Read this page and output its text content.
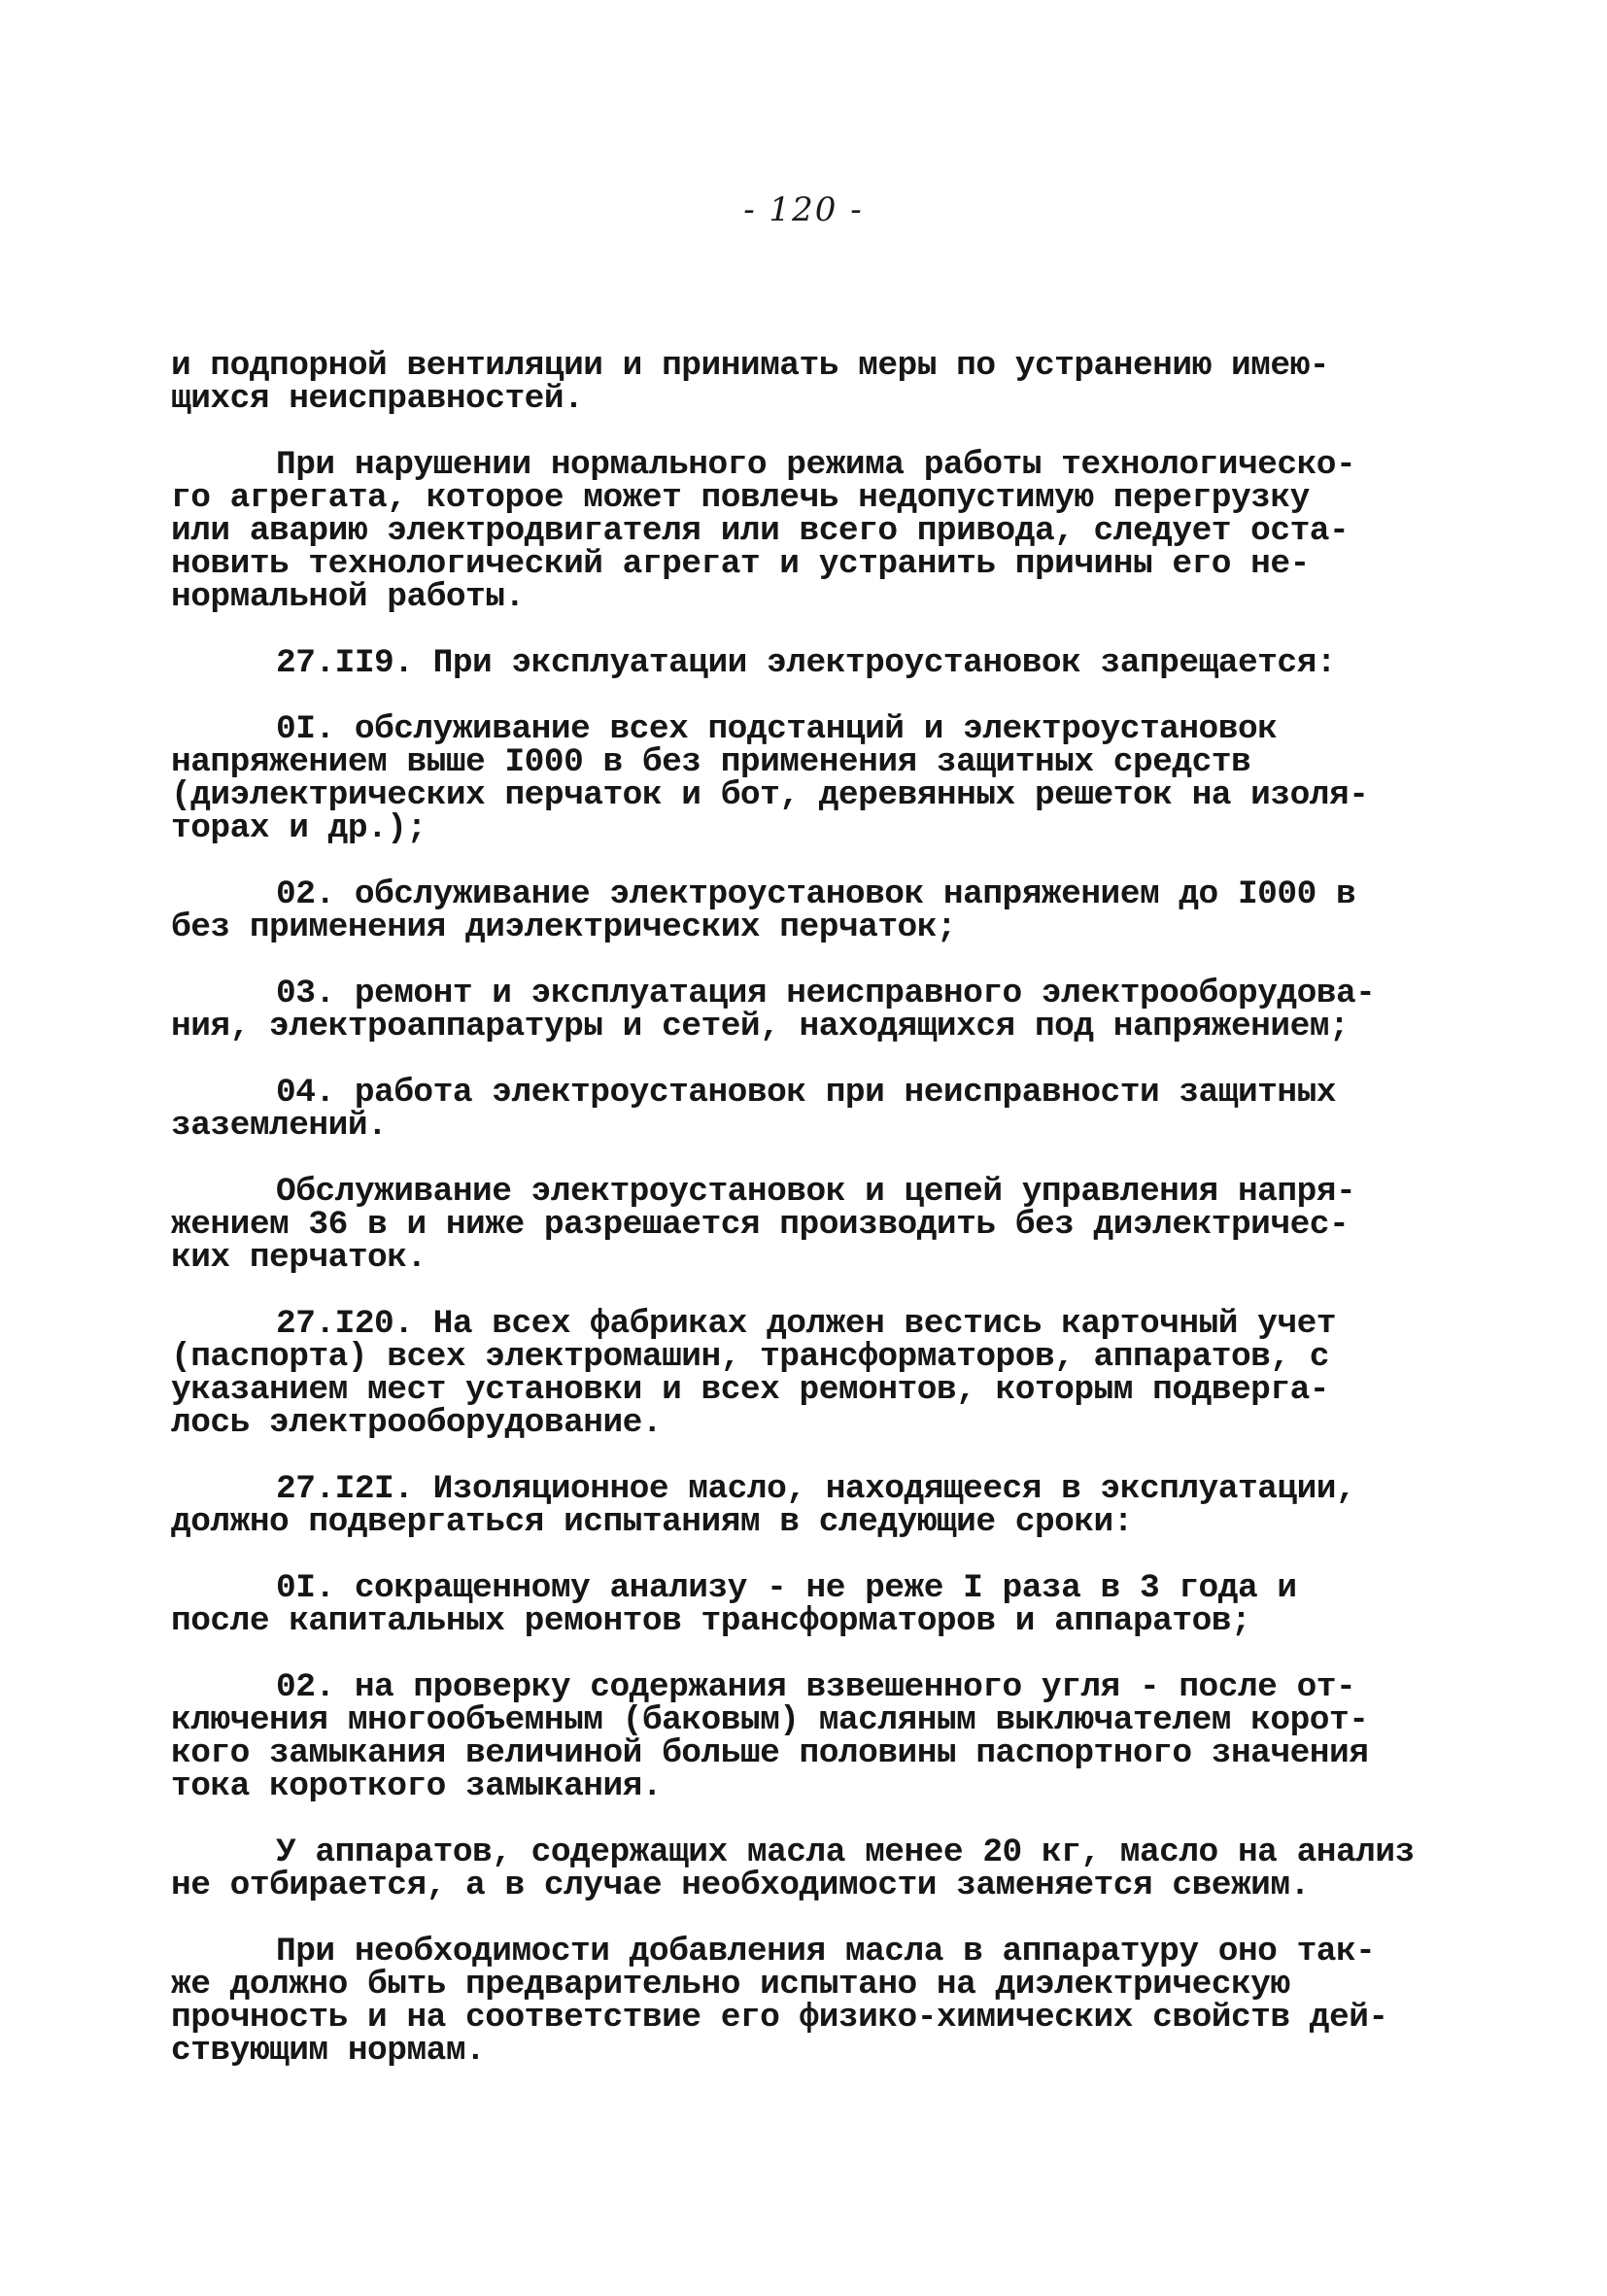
- 120 -
и подпорной вентиляции и принимать меры по устранению имею-
щихся неисправностей.
При нарушении нормального режима работы технологическо-
го агрегата, которое может повлечь недопустимую перегрузку
или аварию электродвигателя или всего привода, следует оста-
новить технологический агрегат и устранить причины его не-
нормальной работы.
27.II9. При эксплуатации электроустановок запрещается:
0I. обслуживание всех подстанций и электроустановок
напряжением выше I000 в без применения защитных средств
(диэлектрических перчаток и бот, деревянных решеток на изоля-
торах и др.);
02. обслуживание электроустановок напряжением до I000 в
без применения диэлектрических перчаток;
03. ремонт и эксплуатация неисправного электрооборудова-
ния, электроаппаратуры и сетей, находящихся под напряжением;
04. работа электроустановок при неисправности защитных
заземлений.
Обслуживание электроустановок и цепей управления напря-
жением 36 в и ниже разрешается производить без диэлектричес-
ких перчаток.
27.I20. На всех фабриках должен вестись карточный учет
(паспорта) всех электромашин, трансформаторов, аппаратов, с
указанием мест установки и всех ремонтов, которым подверга-
лось электрооборудование.
27.I2I. Изоляционное масло, находящееся в эксплуатации,
должно подвергаться испытаниям в следующие сроки:
0I. сокращенному анализу - не реже I раза в 3 года и
после капитальных ремонтов трансформаторов и аппаратов;
02. на проверку содержания взвешенного угля - после от-
ключения многообъемным (баковым) масляным выключателем корот-
кого замыкания величиной больше половины паспортного значения
тока короткого замыкания.
У аппаратов, содержащих масла менее 20 кг, масло на анализ
не отбирается, а в случае необходимости заменяется свежим.
При необходимости добавления масла в аппаратуру оно так-
же должно быть предварительно испытано на диэлектрическую
прочность и на соответствие его физико-химических свойств дей-
ствующим нормам.
